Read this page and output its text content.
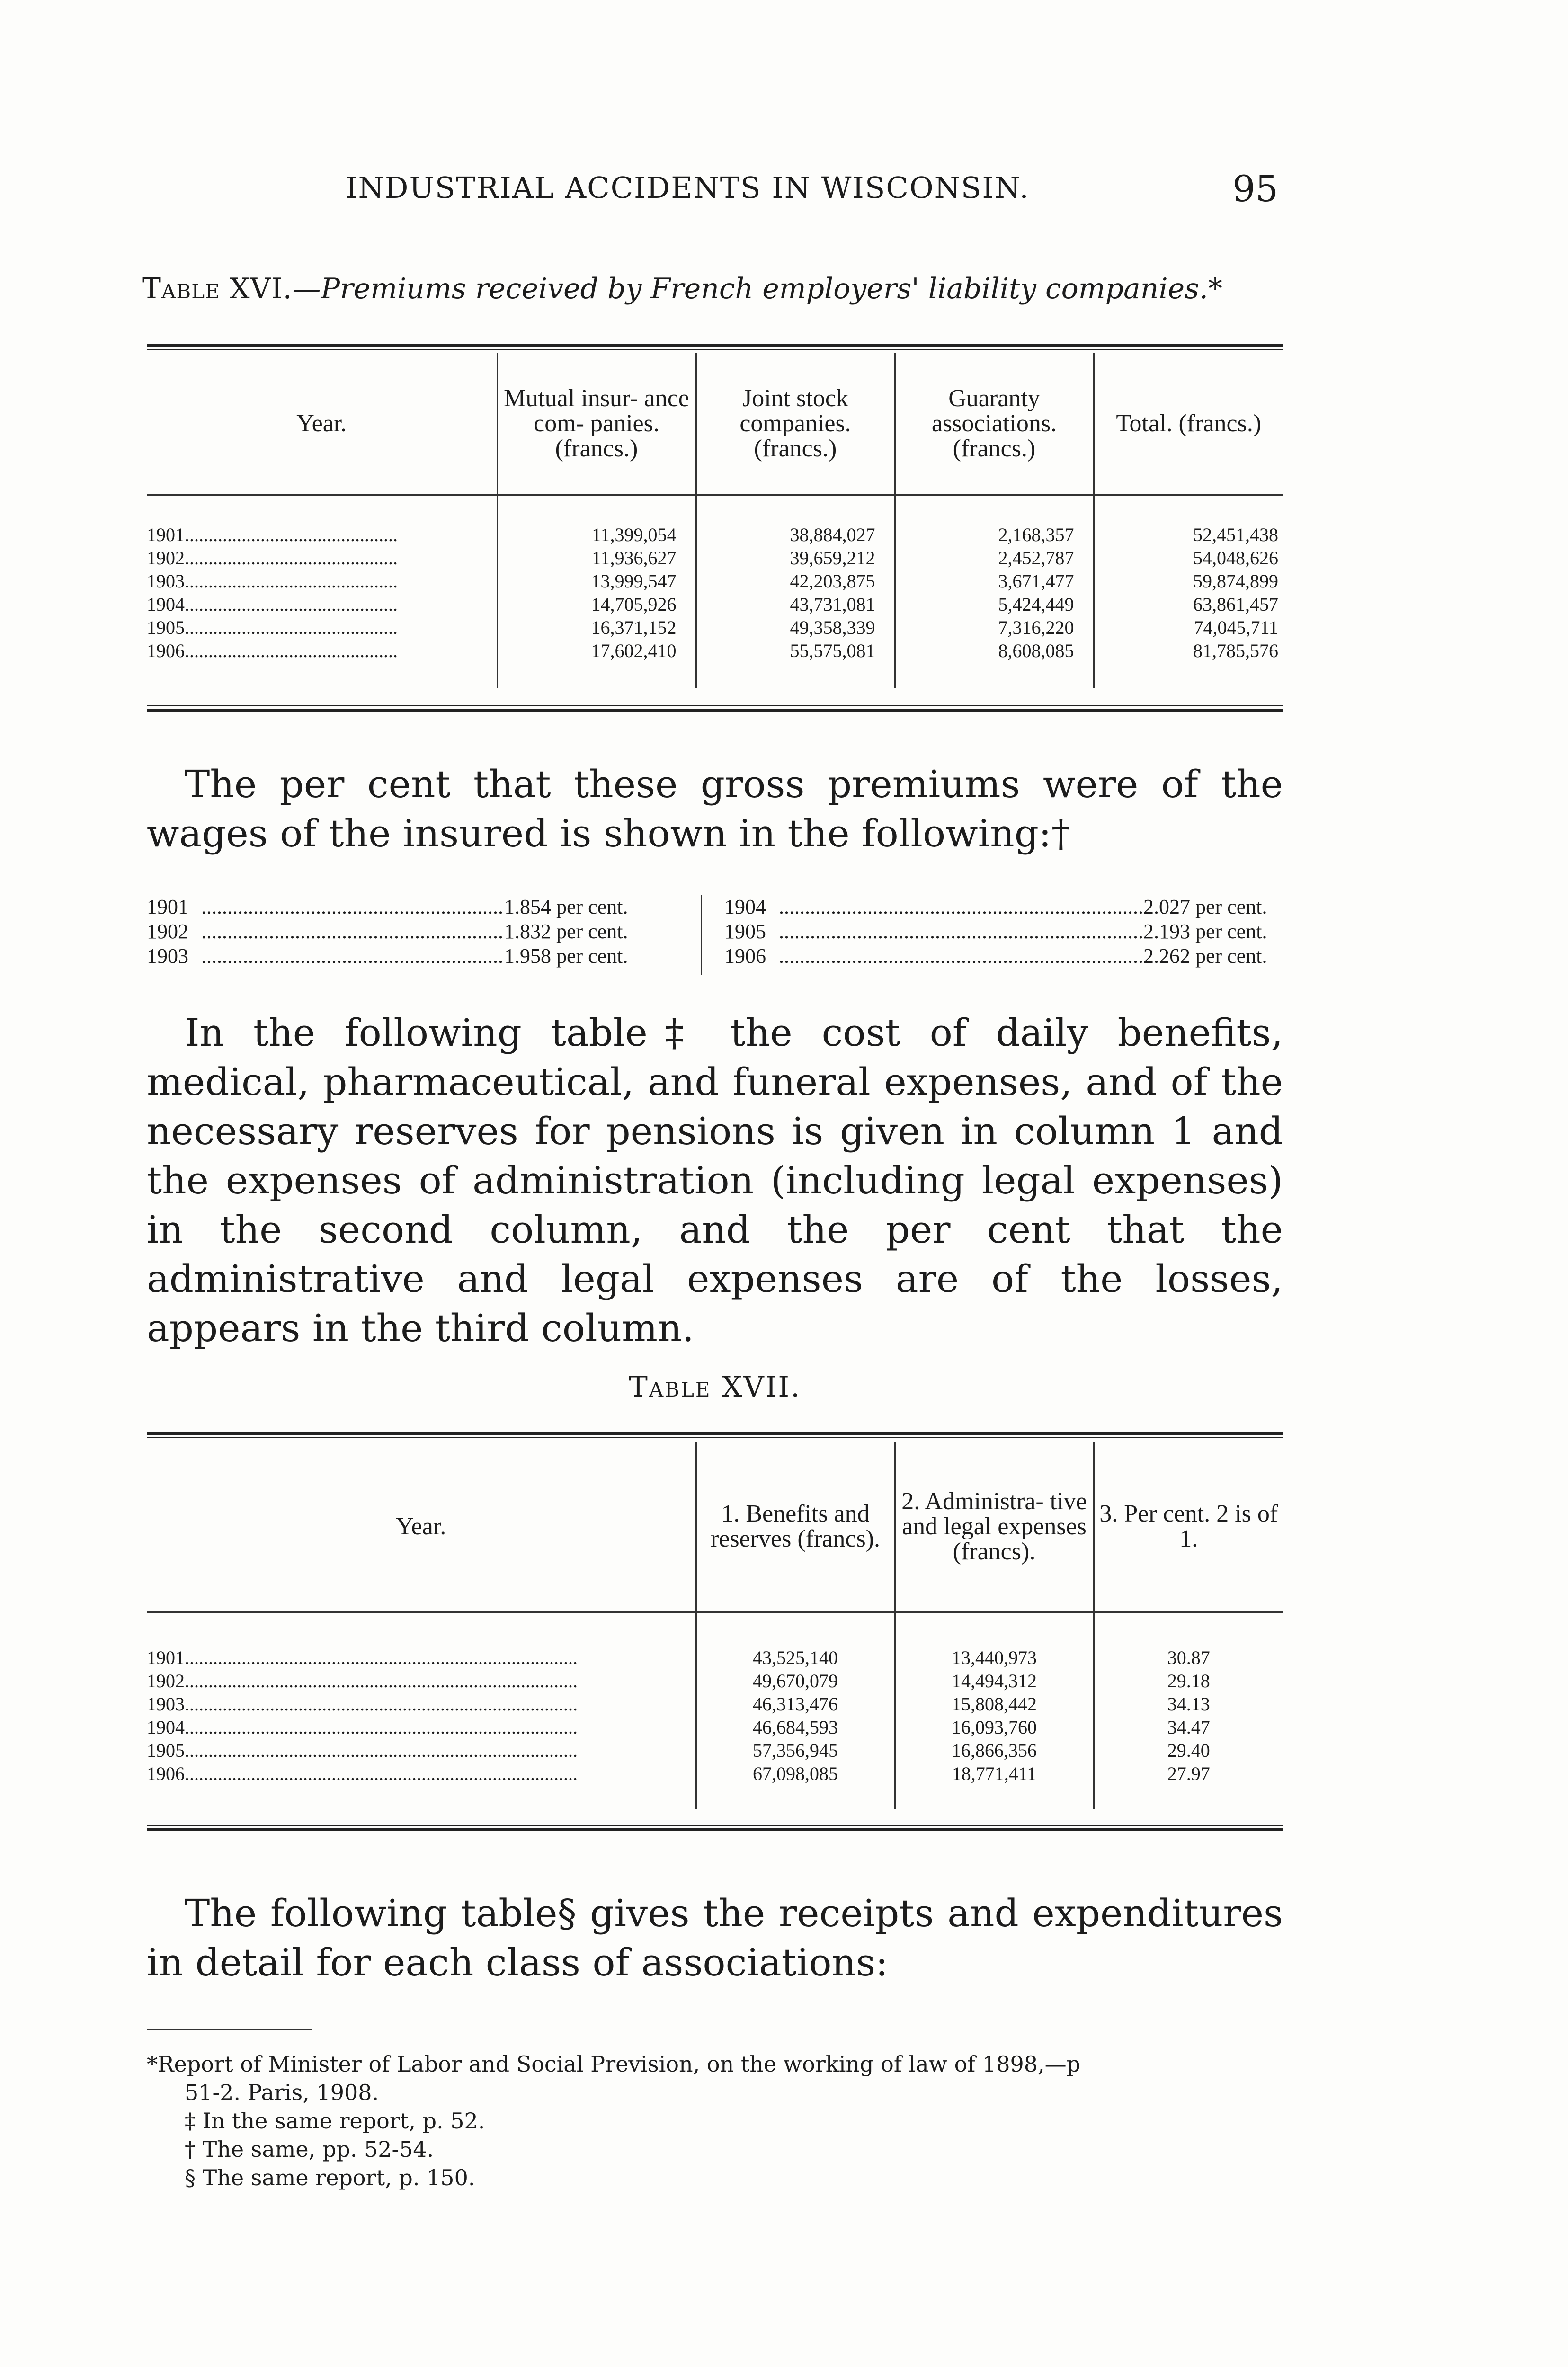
INDUSTRIAL ACCIDENTS IN WISCONSIN.	95
Table XVI.—Premiums received by French employers' liability companies.*
Year.	Mutual insur- ance com- panies. (francs.)	Joint stock companies. (francs.)	Guaranty associations. (francs.)	Total. (francs.)

1901.............................................	11,399,054	38,884,027	2,168,357	52,451,438
1902.............................................	11,936,627	39,659,212	2,452,787	54,048,626
1903.............................................	13,999,547	42,203,875	3,671,477	59,874,899
1904.............................................	14,705,926	43,731,081	5,424,449	63,861,457
1905.............................................	16,371,152	49,358,339	7,316,220	74,045,711
1906.............................................	17,602,410	55,575,081	8,608,085	81,785,576

The per cent that these gross premiums were of the wages of the insured is shown in the following:†

1901 ..........................................................1.854 per cent.
1902 ..........................................................1.832 per cent.
1903 ..........................................................1.958 per cent.
1904 ......................................................................2.027 per cent.
1905 ......................................................................2.193 per cent.
1906 ......................................................................2.262 per cent.

In the following table‡ the cost of daily benefits, medical, pharmaceutical, and funeral expenses, and of the necessary reserves for pensions is given in column 1 and the expenses of administration (including legal expenses) in the second column, and the per cent that the administrative and legal expenses are of the losses, appears in the third column.

Table XVII.
Year.	1. Benefits and reserves (francs).	2. Administra- tive and legal expenses (francs).	3. Per cent. 2 is of 1.

1901...................................................................................	43,525,140	13,440,973	30.87
1902...................................................................................	49,670,079	14,494,312	29.18
1903...................................................................................	46,313,476	15,808,442	34.13
1904...................................................................................	46,684,593	16,093,760	34.47
1905...................................................................................	57,356,945	16,866,356	29.40
1906...................................................................................	67,098,085	18,771,411	27.97

The following table§ gives the receipts and expenditures in detail for each class of associations:

*Report of Minister of Labor and Social Prevision, on the working of law of 1898,—p

51-2. Paris, 1908.

‡ In the same report, p. 52.

† The same, pp. 52-54.

§ The same report, p. 150.
